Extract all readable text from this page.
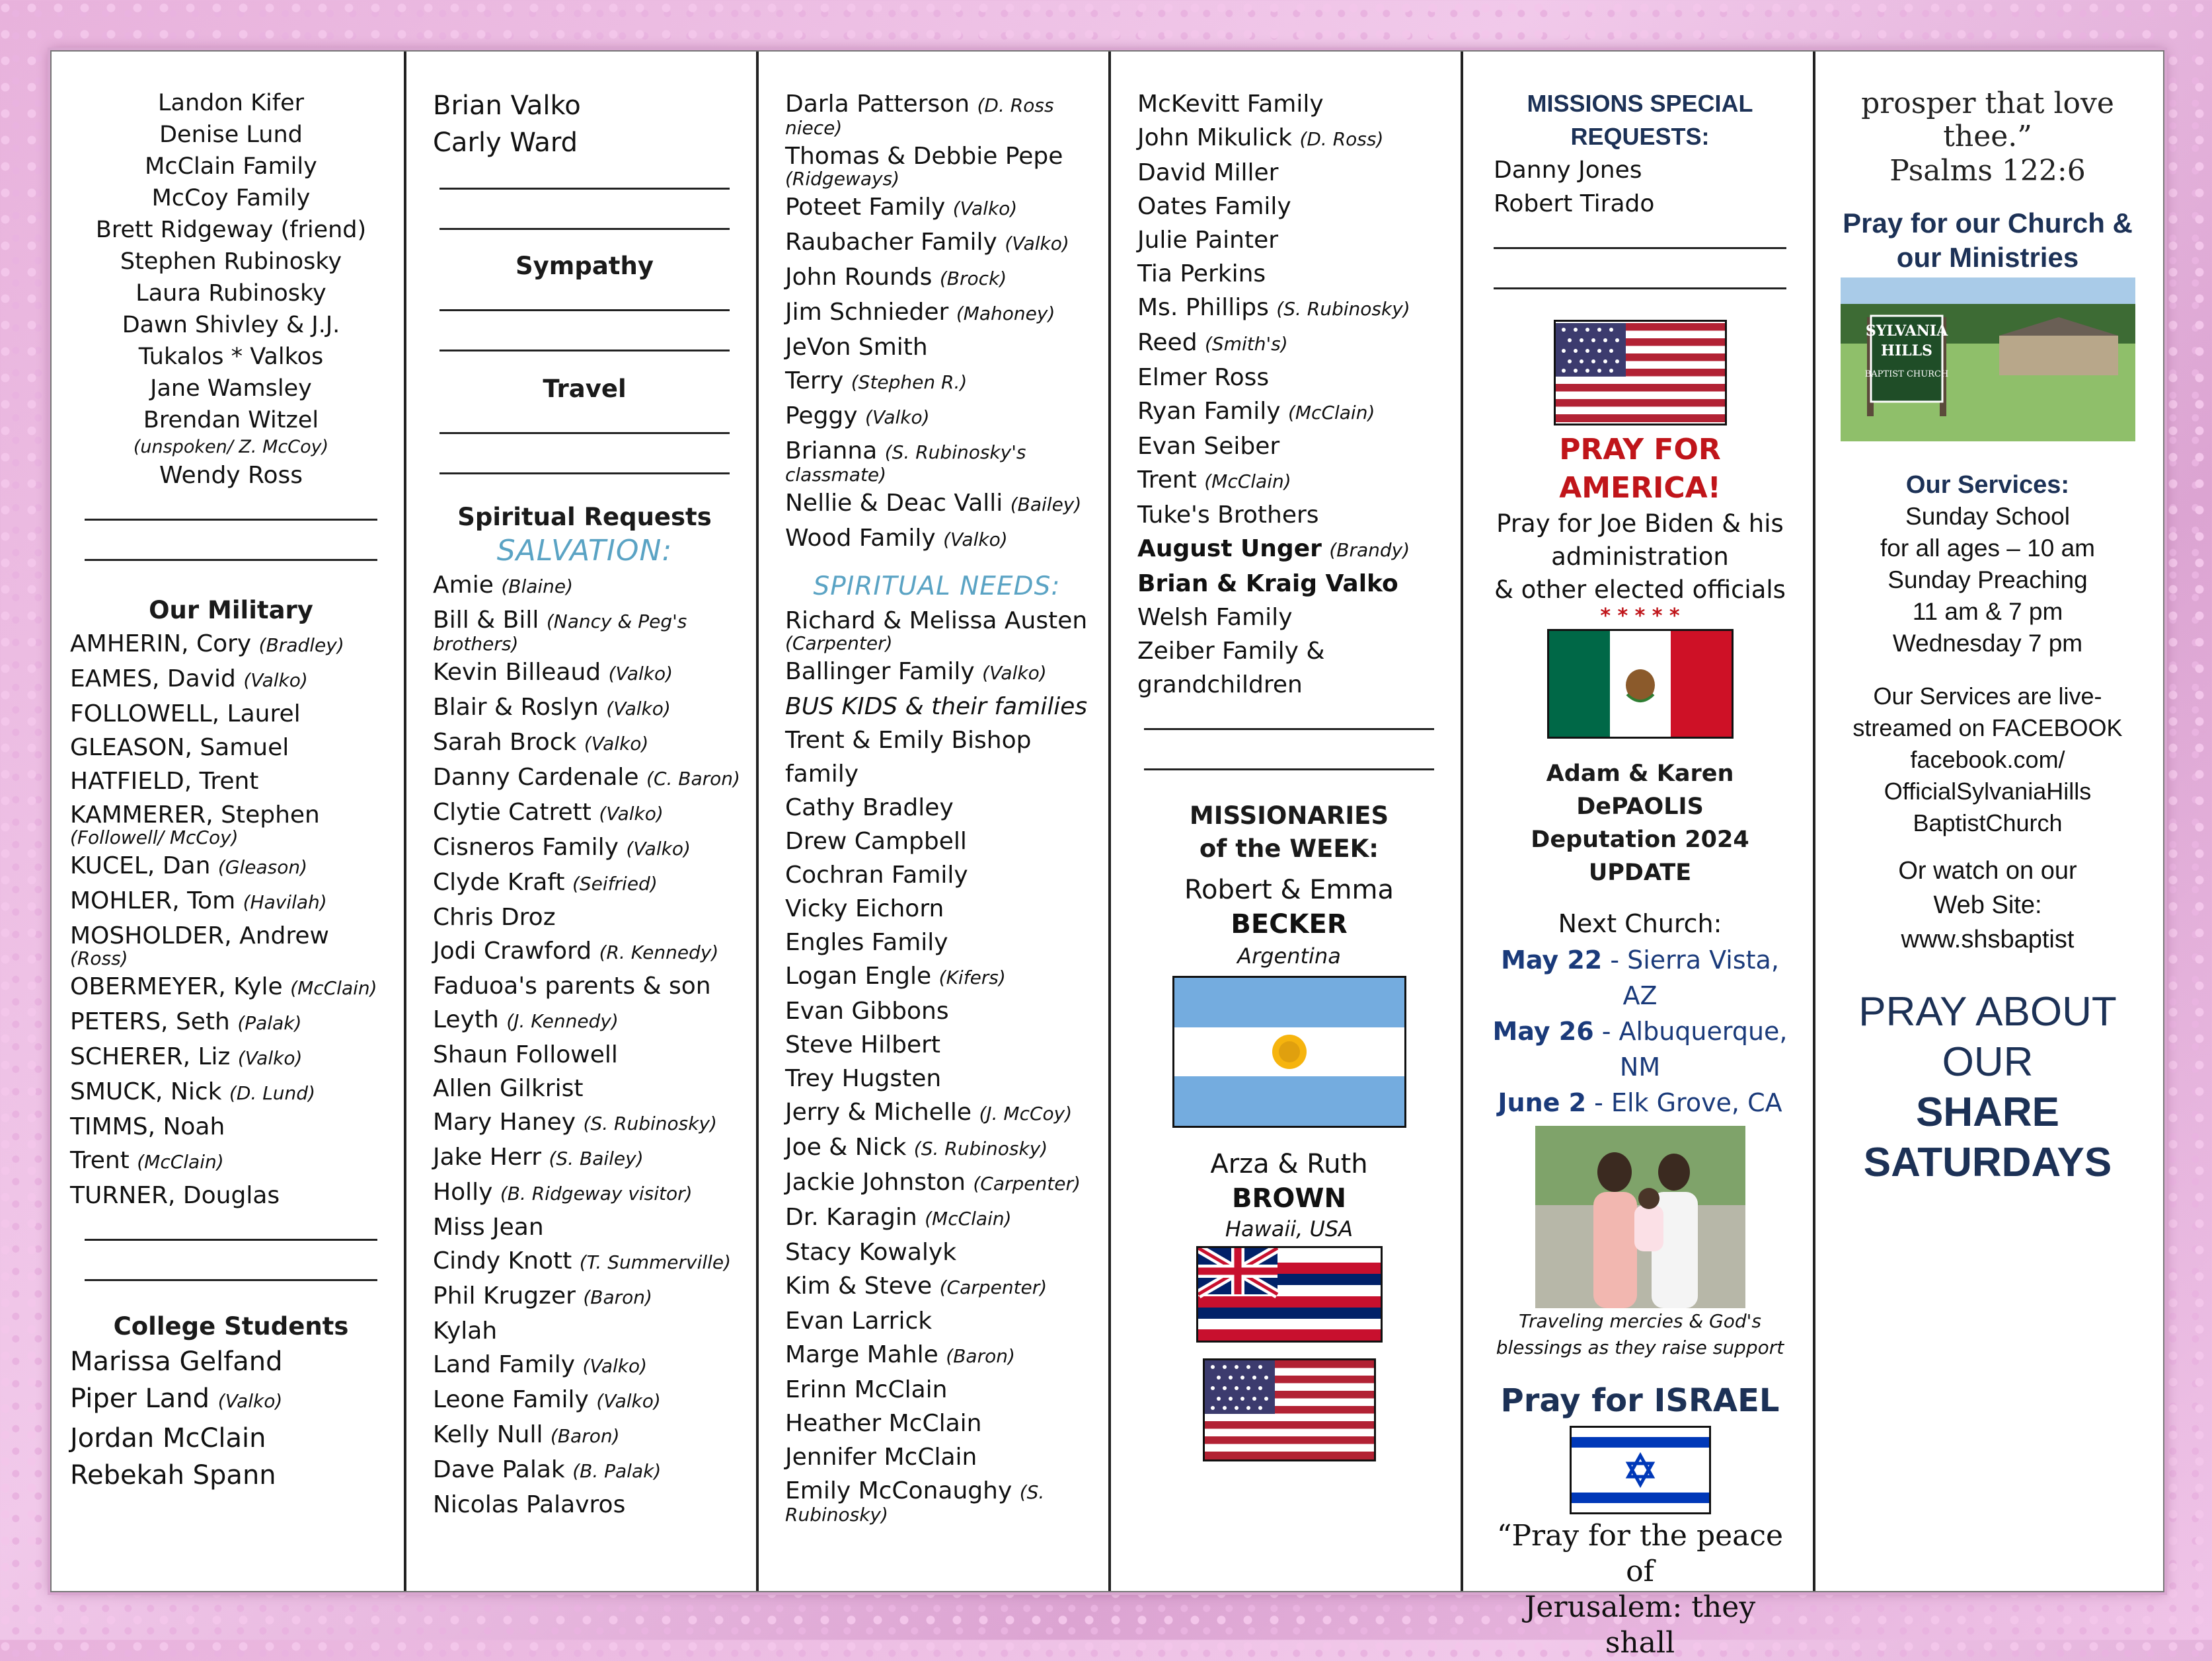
Landon Kifer
Denise Lund
McClain Family
McCoy Family
Brett Ridgeway (friend)
Stephen Rubinosky
Laura Rubinosky
Dawn Shivley & J.J.
Tukalos * Valkos
Jane Wamsley
Brendan Witzel
(unspoken/ Z. McCoy)
Wendy Ross
Our Military
AMHERIN, Cory (Bradley)
EAMES, David (Valko)
FOLLOWELL, Laurel
GLEASON, Samuel
HATFIELD, Trent
KAMMERER, Stephen
(Followell/ McCoy)
KUCEL, Dan (Gleason)
MOHLER, Tom (Havilah)
MOSHOLDER, Andrew
(Ross)
OBERMEYER, Kyle (McClain)
PETERS, Seth (Palak)
SCHERER, Liz (Valko)
SMUCK, Nick (D. Lund)
TIMMS, Noah
Trent (McClain)
TURNER, Douglas
College Students
Marissa Gelfand
Piper Land (Valko)
Jordan McClain
Rebekah Spann
Brian Valko
Carly Ward
Sympathy
Travel
Spiritual Requests
SALVATION:
Amie (Blaine)
Bill & Bill (Nancy & Peg's
brothers)
Kevin Billeaud (Valko)
Blair & Roslyn (Valko)
Sarah Brock (Valko)
Danny Cardenale (C. Baron)
Clytie Catrett (Valko)
Cisneros Family (Valko)
Clyde Kraft (Seifried)
Chris Droz
Jodi Crawford (R. Kennedy)
Faduoa's parents & son
Leyth (J. Kennedy)
Shaun Followell
Allen Gilkrist
Mary Haney (S. Rubinosky)
Jake Herr (S. Bailey)
Holly (B. Ridgeway visitor)
Miss Jean
Cindy Knott (T. Summerville)
Phil Krugzer (Baron)
Kylah
Land Family (Valko)
Leone Family (Valko)
Kelly Null (Baron)
Dave Palak (B. Palak)
Nicolas Palavros
Darla Patterson (D. Ross
niece)
Thomas & Debbie Pepe
(Ridgeways)
Poteet Family (Valko)
Raubacher Family (Valko)
John Rounds (Brock)
Jim Schnieder (Mahoney)
JeVon Smith
Terry (Stephen R.)
Peggy (Valko)
Brianna (S. Rubinosky's
classmate)
Nellie & Deac Valli (Bailey)
Wood Family (Valko)
SPIRITUAL NEEDS:
Richard & Melissa Austen
(Carpenter)
Ballinger Family (Valko)
BUS KIDS & their families
Trent & Emily Bishop
family
Cathy Bradley
Drew Campbell
Cochran Family
Vicky Eichorn
Engles Family
Logan Engle (Kifers)
Evan Gibbons
Steve Hilbert
Trey Hugsten
Jerry & Michelle (J. McCoy)
Joe & Nick (S. Rubinosky)
Jackie Johnston (Carpenter)
Dr. Karagin (McClain)
Stacy Kowalyk
Kim & Steve (Carpenter)
Evan Larrick
Marge Mahle (Baron)
Erinn McClain
Heather McClain
Jennifer McClain
Emily McConaughy (S.
Rubinosky)
McKevitt Family
John Mikulick (D. Ross)
David Miller
Oates Family
Julie Painter
Tia Perkins
Ms. Phillips (S. Rubinosky)
Reed (Smith's)
Elmer Ross
Ryan Family (McClain)
Evan Seiber
Trent (McClain)
Tuke's Brothers
August Unger (Brandy)
Brian & Kraig Valko
Welsh Family
Zeiber Family &
grandchildren
MISSIONARIES
of the WEEK:
Robert & Emma
BECKER
Argentina
Arza & Ruth
BROWN
Hawaii, USA
MISSIONS SPECIAL
REQUESTS:
Danny Jones
Robert Tirado
PRAY FOR AMERICA!
Pray for Joe Biden & his
administration
& other elected officials
* * * * *
Adam & Karen DePAOLIS
Deputation 2024 UPDATE
Next Church:
May 22 - Sierra Vista,
AZ
May 26 - Albuquerque,
NM
June 2 - Elk Grove, CA
Traveling mercies & God's
blessings as they raise support
Pray for ISRAEL
“Pray for the peace of
Jerusalem: they shall
prosper that love
thee.”
Psalms 122:6
Pray for our Church &
our Ministries
SYLVANIA
HILLS
BAPTIST CHURCH
Our Services:
Sunday School
for all ages – 10 am
Sunday Preaching
11 am & 7 pm
Wednesday 7 pm
Our Services are live-
streamed on FACEBOOK
facebook.com/
OfficialSylvaniaHills
BaptistChurch
Or watch on our
Web Site:
www.shsbaptist
PRAY ABOUT
OUR
SHARE
SATURDAYS
